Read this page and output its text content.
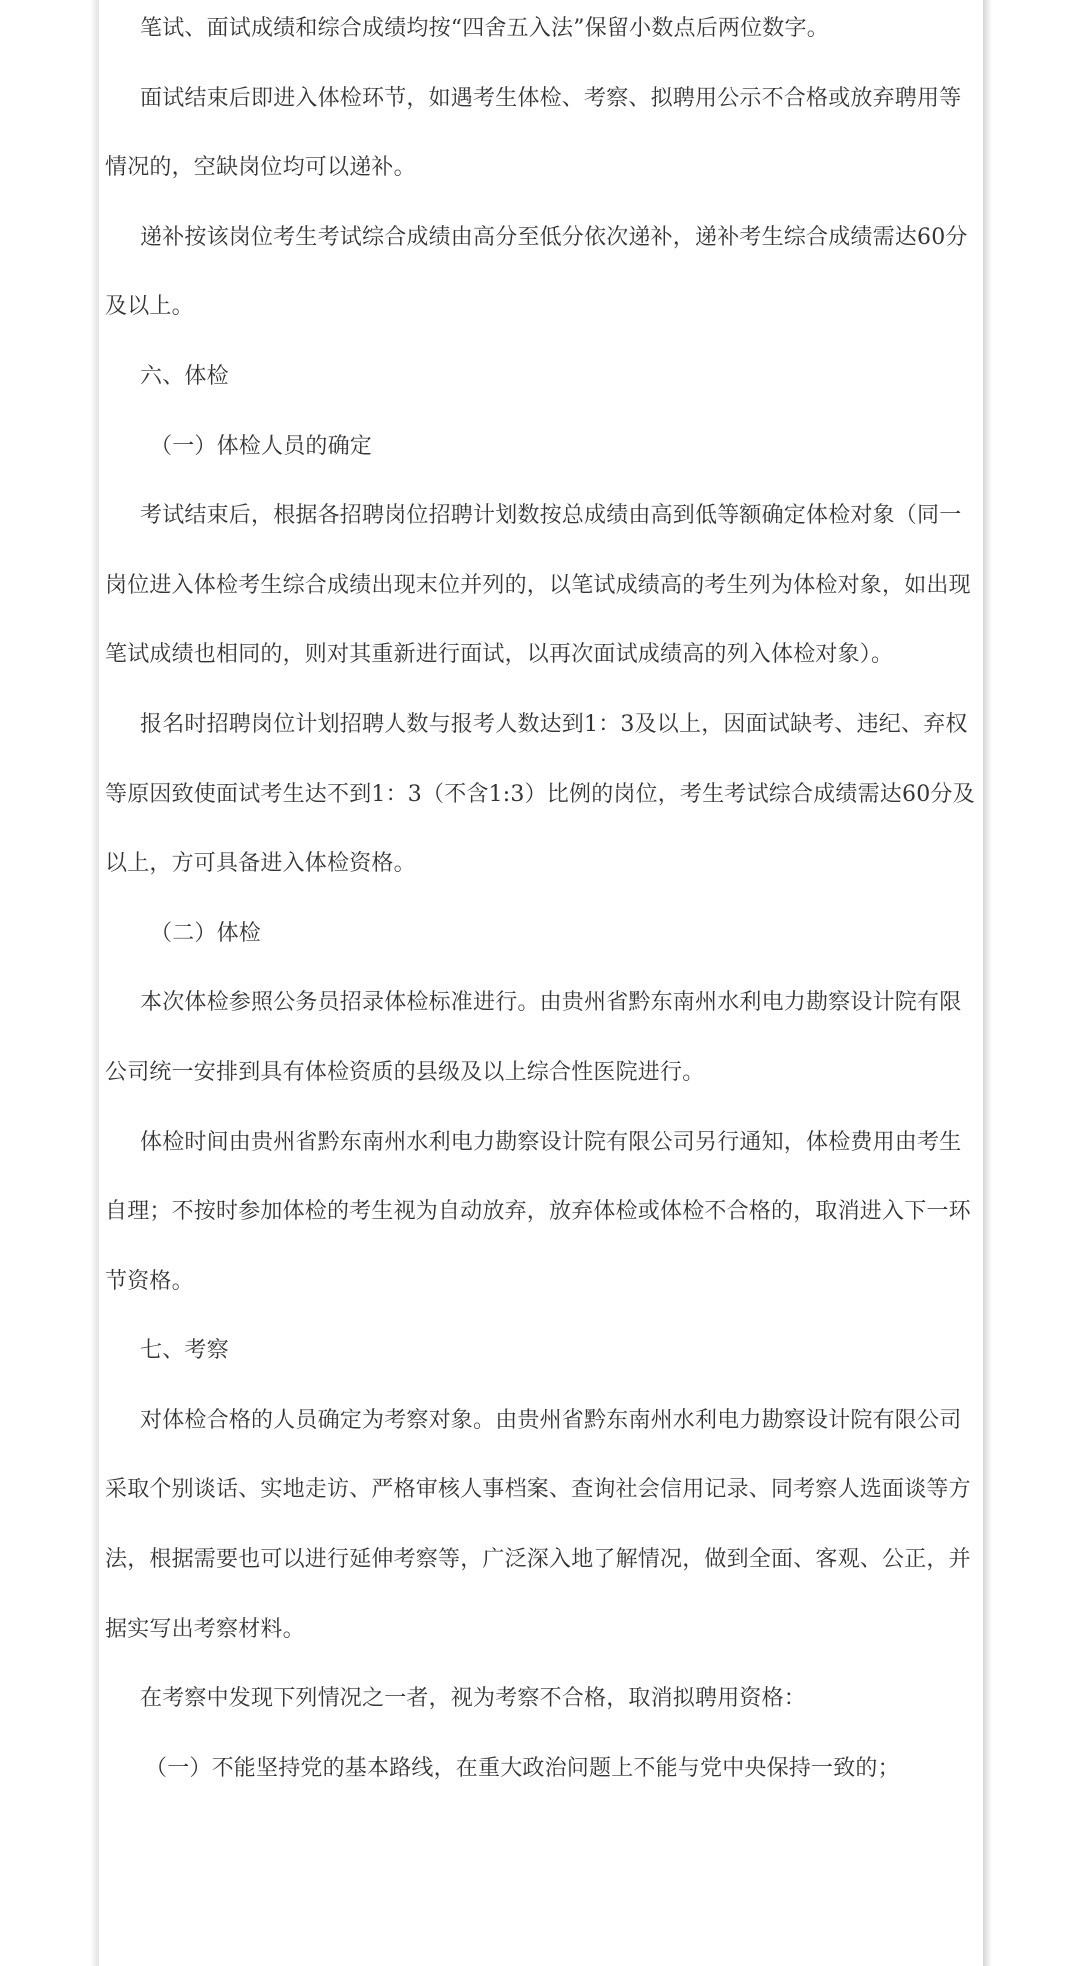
笔试、面试成绩和综合成绩均按“四舍五入法”保留小数点后两位数字。

面试结束后即进入体检环节，如遇考生体检、考察、拟聘用公示不合格或放弃聘用等情况的，空缺岗位均可以递补。

递补按该岗位考生考试综合成绩由高分至低分依次递补，递补考生综合成绩需达60分及以上。

六、体检

（一）体检人员的确定

考试结束后，根据各招聘岗位招聘计划数按总成绩由高到低等额确定体检对象（同一岗位进入体检考生综合成绩出现末位并列的，以笔试成绩高的考生列为体检对象，如出现笔试成绩也相同的，则对其重新进行面试，以再次面试成绩高的列入体检对象）。

报名时招聘岗位计划招聘人数与报考人数达到1：3及以上，因面试缺考、违纪、弃权等原因致使面试考生达不到1：3（不含1:3）比例的岗位，考生考试综合成绩需达60分及以上，方可具备进入体检资格。

（二）体检

本次体检参照公务员招录体检标准进行。由贵州省黔东南州水利电力勘察设计院有限公司统一安排到具有体检资质的县级及以上综合性医院进行。

体检时间由贵州省黔东南州水利电力勘察设计院有限公司另行通知，体检费用由考生自理；不按时参加体检的考生视为自动放弃，放弃体检或体检不合格的，取消进入下一环节资格。

七、考察

对体检合格的人员确定为考察对象。由贵州省黔东南州水利电力勘察设计院有限公司采取个别谈话、实地走访、严格审核人事档案、查询社会信用记录、同考察人选面谈等方法，根据需要也可以进行延伸考察等，广泛深入地了解情况，做到全面、客观、公正，并据实写出考察材料。

在考察中发现下列情况之一者，视为考察不合格，取消拟聘用资格：

（一）不能坚持党的基本路线，在重大政治问题上不能与党中央保持一致的；
